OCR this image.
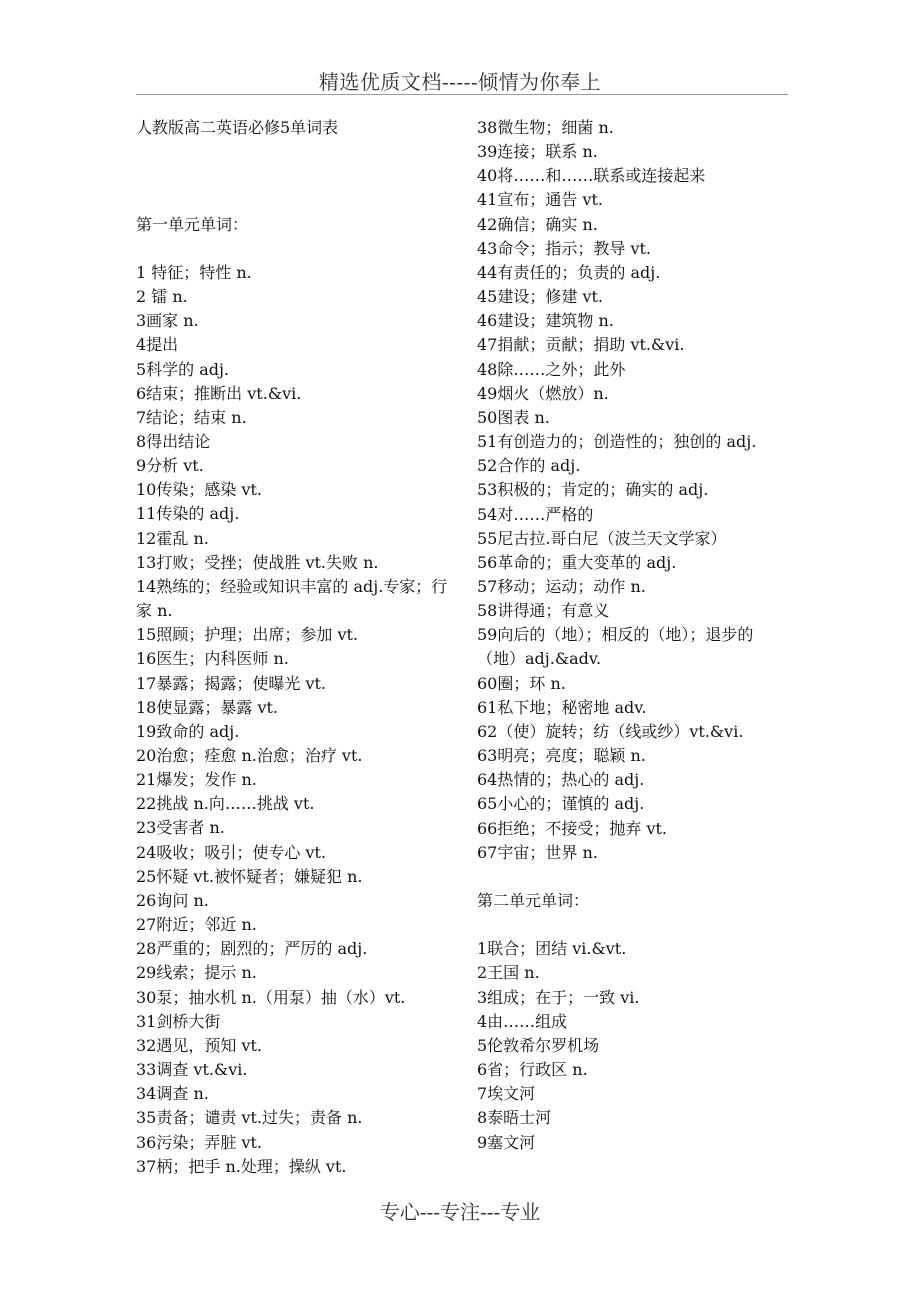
精选优质文档-----倾情为你奉上
人教版高二英语必修5单词表
第一单元单词：
1 特征；特性 n.
2 镭 n.
3画家 n.
4提出
5科学的 adj.
6结束；推断出 vt.&vi.
7结论；结束 n.
8得出结论
9分析 vt.
10传染；感染 vt.
11传染的 adj.
12霍乱 n.
13打败；受挫；使战胜 vt.失败 n.
14熟练的；经验或知识丰富的 adj.专家；行家 n.
15照顾；护理；出席；参加 vt.
16医生；内科医师 n.
17暴露；揭露；使曝光 vt.
18使显露；暴露 vt.
19致命的 adj.
20治愈；痊愈 n.治愈；治疗 vt.
21爆发；发作 n.
22挑战 n.向……挑战 vt.
23受害者 n.
24吸收；吸引；使专心 vt.
25怀疑 vt.被怀疑者；嫌疑犯 n.
26询问 n.
27附近；邻近 n.
28严重的；剧烈的；严厉的 adj.
29线索；提示 n.
30泵；抽水机 n.（用泵）抽（水）vt.
31剑桥大街
32遇见，预知 vt.
33调查 vt.&vi.
34调查 n.
35责备；谴责 vt.过失；责备 n.
36污染；弄脏 vt.
37柄；把手 n.处理；操纵 vt.
38微生物；细菌 n.
39连接；联系 n.
40将……和……联系或连接起来
41宣布；通告 vt.
42确信；确实 n.
43命令；指示；教导 vt.
44有责任的；负责的 adj.
45建设；修建 vt.
46建设；建筑物 n.
47捐献；贡献；捐助 vt.&vi.
48除……之外；此外
49烟火（燃放）n.
50图表 n.
51有创造力的；创造性的；独创的 adj.
52合作的 adj.
53积极的；肯定的；确实的 adj.
54对……严格的
55尼古拉.哥白尼（波兰天文学家）
56革命的；重大变革的 adj.
57移动；运动；动作 n.
58讲得通；有意义
59向后的（地）；相反的（地）；退步的（地）adj.&adv.
60圈；环 n.
61私下地；秘密地 adv.
62（使）旋转；纺（线或纱）vt.&vi.
63明亮；亮度；聪颖 n.
64热情的；热心的 adj.
65小心的；谨慎的 adj.
66拒绝；不接受；抛弃 vt.
67宇宙；世界 n.
第二单元单词：
1联合；团结 vi.&vt.
2王国 n.
3组成；在于；一致 vi.
4由……组成
5伦敦希尔罗机场
6省；行政区 n.
7埃文河
8泰晤士河
9塞文河
专心---专注---专业
